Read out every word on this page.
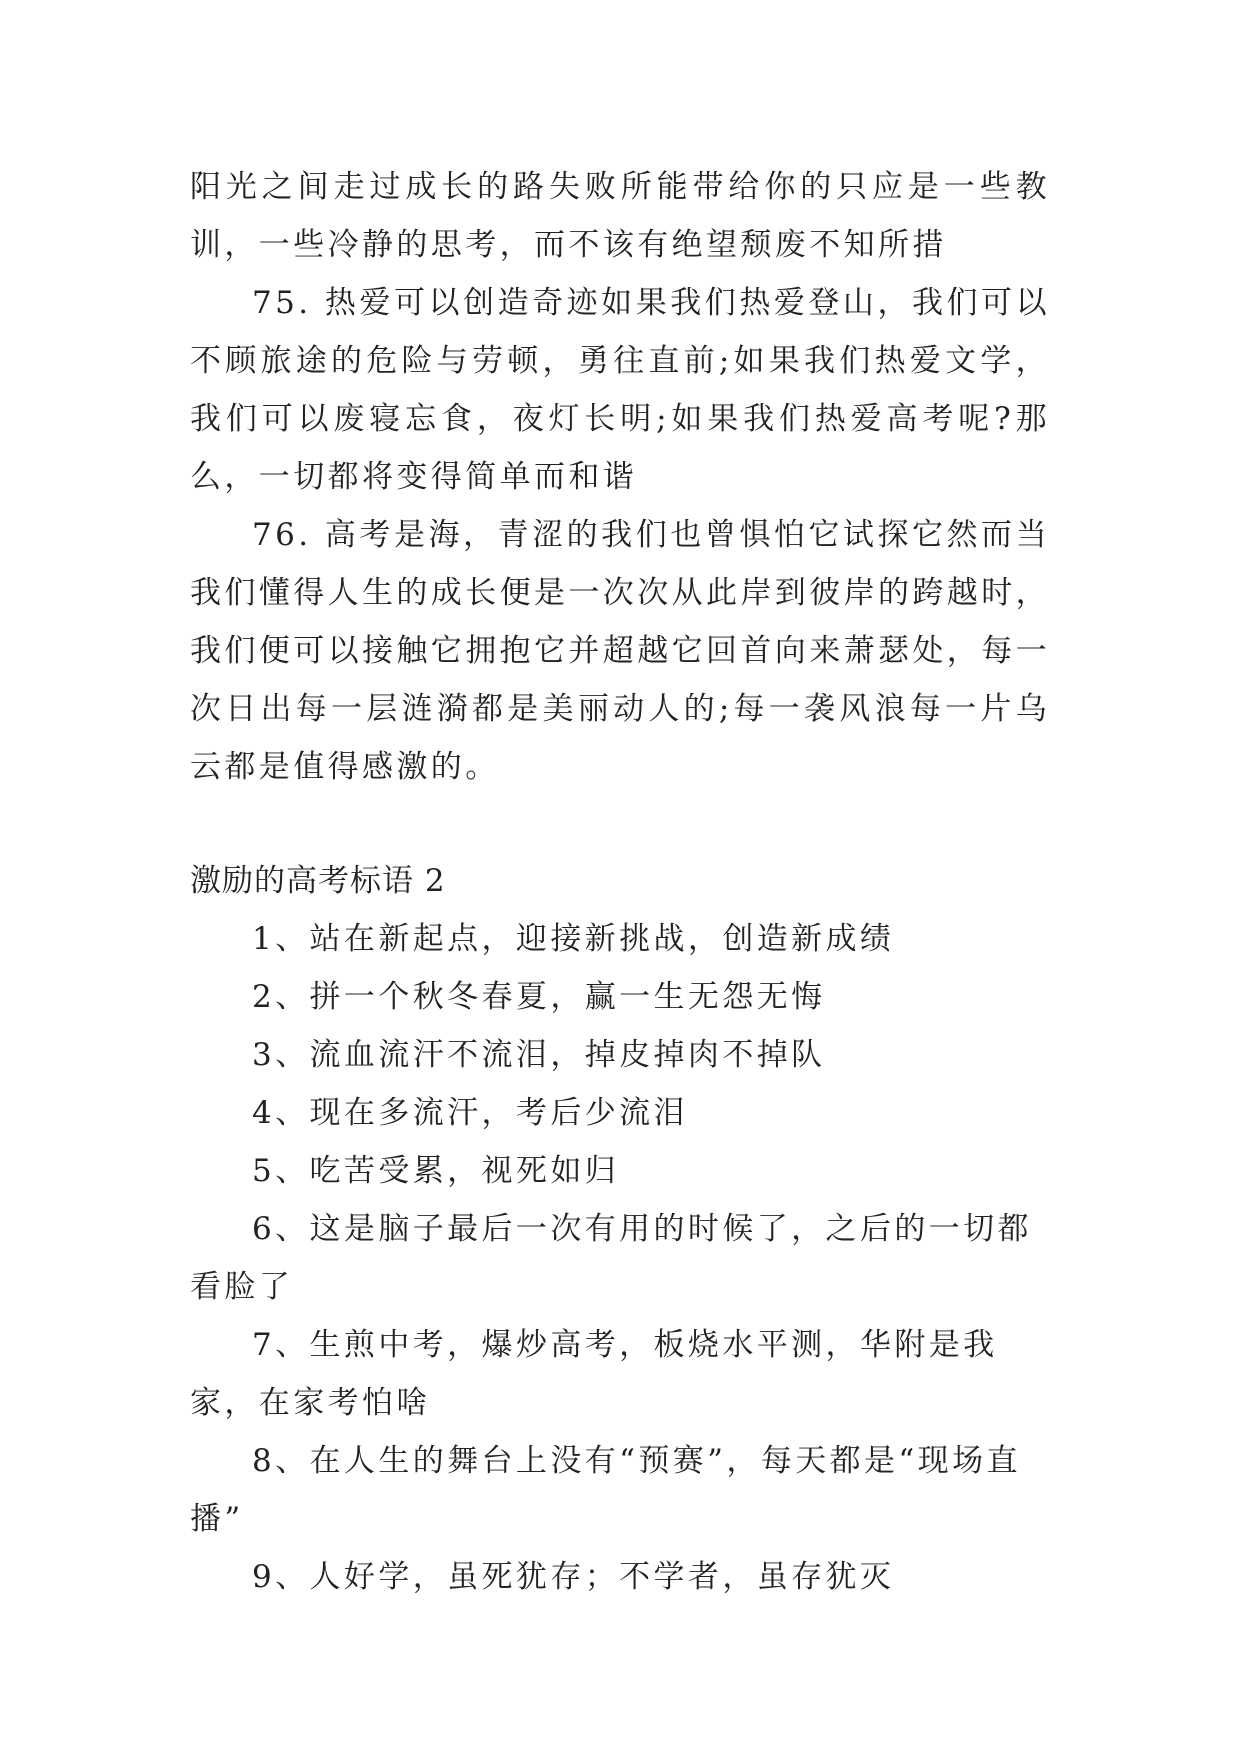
阳光之间走过成长的路失败所能带给你的只应是一些教训，一些冷静的思考，而不该有绝望颓废不知所措

75. 热爱可以创造奇迹如果我们热爱登山，我们可以不顾旅途的危险与劳顿，勇往直前;如果我们热爱文学，我们可以废寝忘食，夜灯长明;如果我们热爱高考呢?那么，一切都将变得简单而和谐

76. 高考是海，青涩的我们也曾惧怕它试探它然而当我们懂得人生的成长便是一次次从此岸到彼岸的跨越时，我们便可以接触它拥抱它并超越它回首向来萧瑟处，每一次日出每一层涟漪都是美丽动人的;每一袭风浪每一片乌云都是值得感激的。

激励的高考标语 2

1、站在新起点，迎接新挑战，创造新成绩

2、拼一个秋冬春夏，赢一生无怨无悔

3、流血流汗不流泪，掉皮掉肉不掉队

4、现在多流汗，考后少流泪

5、吃苦受累，视死如归

6、这是脑子最后一次有用的时候了，之后的一切都看脸了

7、生煎中考，爆炒高考，板烧水平测，华附是我家，在家考怕啥

8、在人生的舞台上没有“预赛”，每天都是“现场直播”

9、人好学，虽死犹存；不学者，虽存犹灭
